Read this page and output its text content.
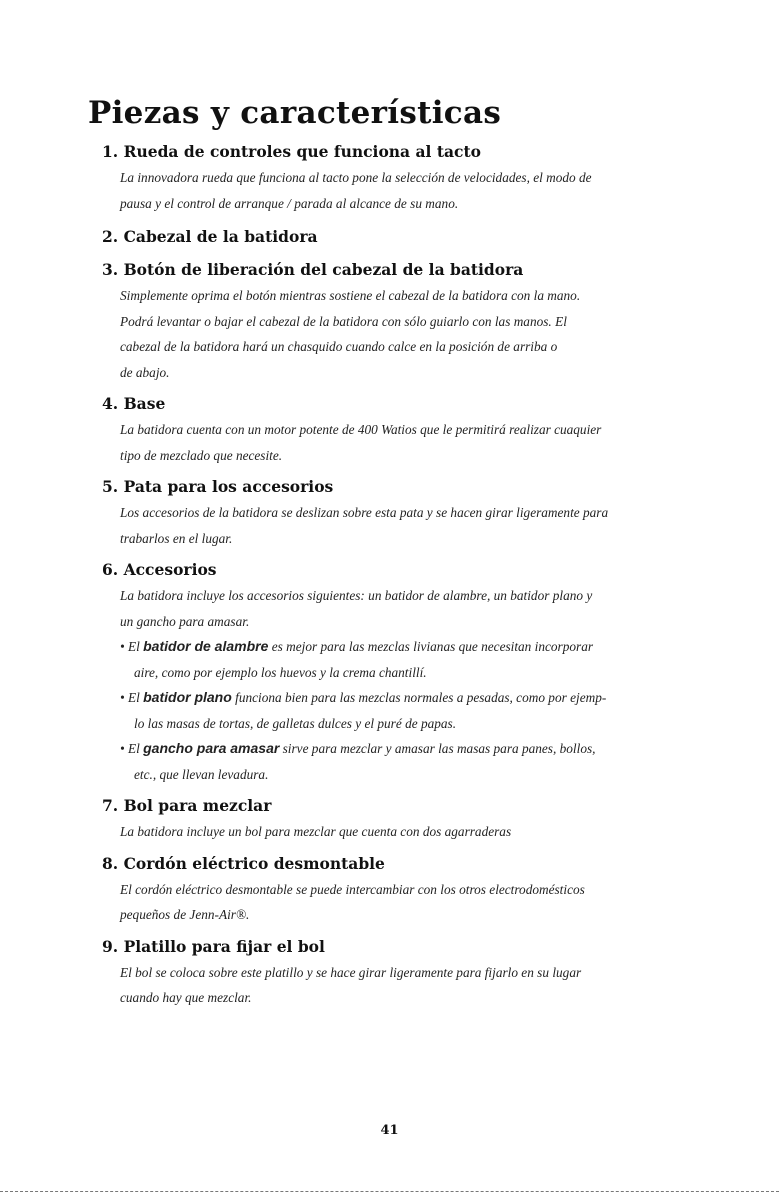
Piezas y características
1. Rueda de controles que funciona al tacto
La innovadora rueda que funciona al tacto pone la selección de velocidades, el modo de
pausa y el control de arranque / parada al alcance de su mano.
2. Cabezal de la batidora
3. Botón de liberación del cabezal de la batidora
Simplemente oprima el botón mientras sostiene el cabezal de la batidora con la mano.
Podrá levantar o bajar el cabezal de la batidora con sólo guiarlo con las manos. El
cabezal de la batidora hará un chasquido cuando calce en la posición de arriba o
de abajo.
4. Base
La batidora cuenta con un motor potente de 400 Watios que le permitirá realizar cuaquier
tipo de mezclado que necesite.
5. Pata para los accesorios
Los accesorios de la batidora se deslizan sobre esta pata y se hacen girar ligeramente para
trabarlos en el lugar.
6. Accesorios
La batidora incluye los accesorios siguientes: un batidor de alambre, un batidor plano y
un gancho para amasar.
• El batidor de alambre es mejor para las mezclas livianas que necesitan incorporar
aire, como por ejemplo los huevos y la crema chantillí.
• El batidor plano funciona bien para las mezclas normales a pesadas, como por ejemp-
lo las masas de tortas, de galletas dulces y el puré de papas.
• El gancho para amasar sirve para mezclar y amasar las masas para panes, bollos,
etc., que llevan levadura.
7. Bol para mezclar
La batidora incluye un bol para mezclar que cuenta con dos agarraderas
8. Cordón eléctrico desmontable
El cordón eléctrico desmontable se puede intercambiar con los otros electrodomésticos
pequeños de Jenn-Air®.
9. Platillo para fijar el bol
El bol se coloca sobre este platillo y se hace girar ligeramente para fijarlo en su lugar
cuando hay que mezclar.
41
